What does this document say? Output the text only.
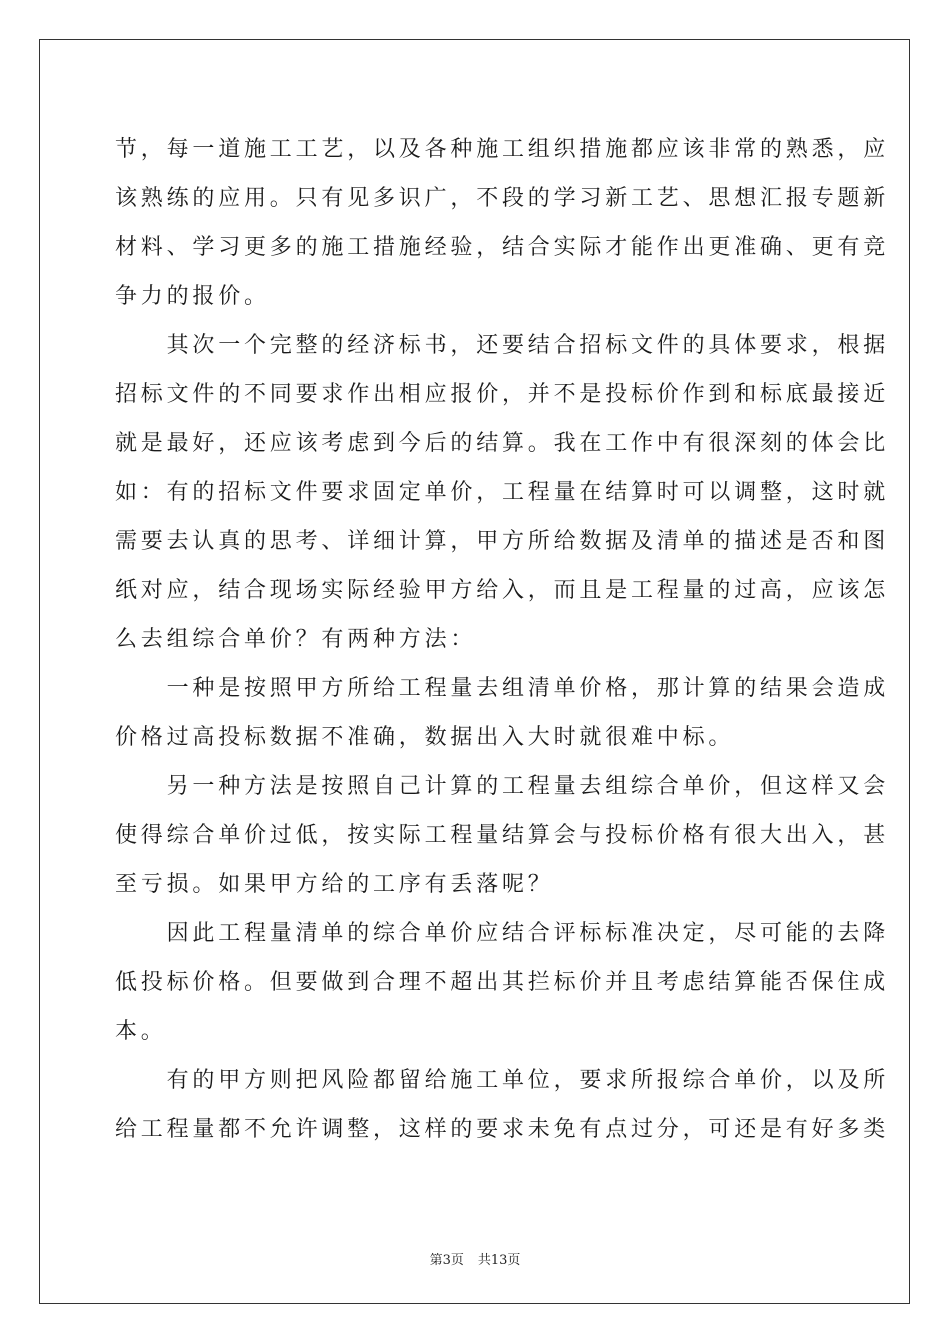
节，每一道施工工艺，以及各种施工组织措施都应该非常的熟悉，应
该熟练的应用。只有见多识广，不段的学习新工艺、思想汇报专题新
材料、学习更多的施工措施经验，结合实际才能作出更准确、更有竞
争力的报价。
　　其次一个完整的经济标书，还要结合招标文件的具体要求，根据
招标文件的不同要求作出相应报价，并不是投标价作到和标底最接近
就是最好，还应该考虑到今后的结算。我在工作中有很深刻的体会比
如：有的招标文件要求固定单价，工程量在结算时可以调整，这时就
需要去认真的思考、详细计算，甲方所给数据及清单的描述是否和图
纸对应，结合现场实际经验甲方给入，而且是工程量的过高，应该怎
么去组综合单价？有两种方法：
　　一种是按照甲方所给工程量去组清单价格，那计算的结果会造成
价格过高投标数据不准确，数据出入大时就很难中标。
　　另一种方法是按照自己计算的工程量去组综合单价，但这样又会
使得综合单价过低，按实际工程量结算会与投标价格有很大出入，甚
至亏损。如果甲方给的工序有丢落呢？
　　因此工程量清单的综合单价应结合评标标准决定，尽可能的去降
低投标价格。但要做到合理不超出其拦标价并且考虑结算能否保住成
本。
　　有的甲方则把风险都留给施工单位，要求所报综合单价，以及所
给工程量都不允许调整，这样的要求未免有点过分，可还是有好多类
第3页 共13页
